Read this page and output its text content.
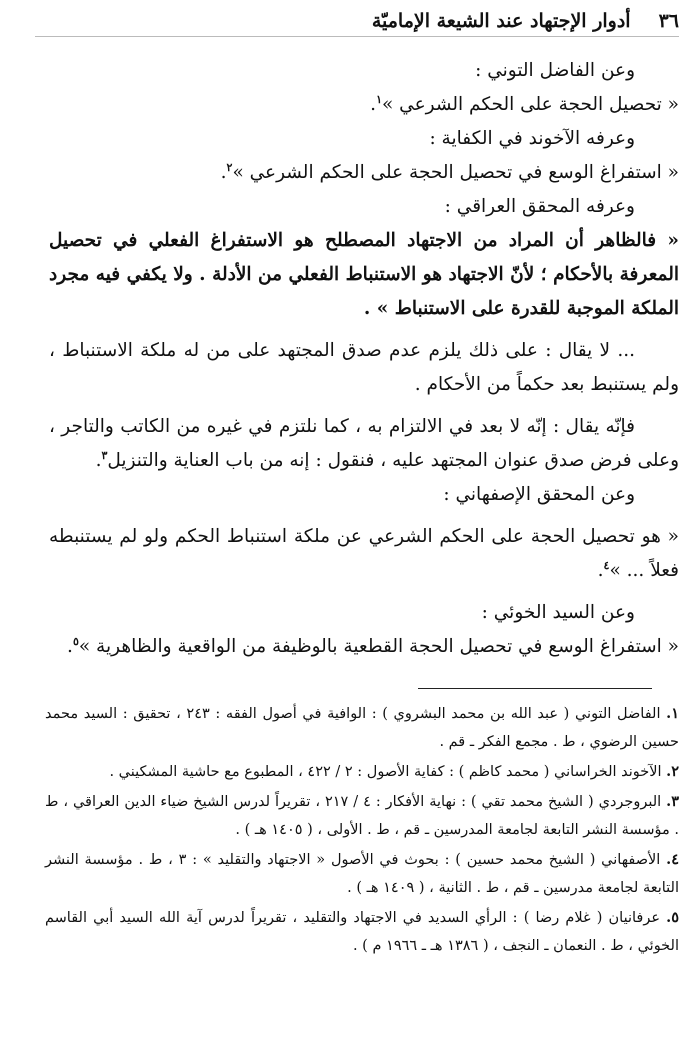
٣٦
أدوار الإجتهاد عند الشيعة الإماميّة

وعن الفاضل التوني :

« تحصيل الحجة على الحكم الشرعي »$^١$.

وعرفه الآخوند في الكفاية :

« استفراغ الوسع في تحصيل الحجة على الحكم الشرعي »$^٢$.

وعرفه المحقق العراقي :

« فالظاهر أن المراد من الاجتهاد المصطلح هو الاستفراغ الفعلي في تحصيل المعرفة بالأحكام ؛ لأنّ الاجتهاد هو الاستنباط الفعلي من الأدلة . ولا يكفي فيه مجرد الملكة الموجبة للقدرة على الاستنباط » .

... لا يقال : على ذلك يلزم عدم صدق المجتهد على من له ملكة الاستنباط ، ولم يستنبط بعد حكماً من الأحكام .

فإنّه يقال : إنّه لا بعد في الالتزام به ، كما نلتزم في غيره من الكاتب والتاجر ، وعلى فرض صدق عنوان المجتهد عليه ، فنقول : إنه من باب العناية والتنزيل$^٣$.

وعن المحقق الإصفهاني :

« هو تحصيل الحجة على الحكم الشرعي عن ملكة استنباط الحكم ولو لم يستنبطه فعلاً ... »$^٤$.

وعن السيد الخوئي :

« استفراغ الوسع في تحصيل الحجة القطعية بالوظيفة من الواقعية والظاهرية »$^٥$.

١. الفاضل التوني ( عبد الله بن محمد البشروي ) : الوافية في أصول الفقه : ٢٤٣ ، تحقيق : السيد محمد حسين الرضوي ، ط . مجمع الفكر ـ قم .

٢. الآخوند الخراساني ( محمد كاظم ) : كفاية الأصول : ٢ / ٤٢٢ ، المطبوع مع حاشية المشكيني .

٣. البروجردي ( الشيخ محمد تقي ) : نهاية الأفكار : ٤ / ٢١٧ ، تقريراً لدرس الشيخ ضياء الدين العراقي ، ط . مؤسسة النشر التابعة لجامعة المدرسين ـ قم ، ط . الأولى ، ( ١٤٠٥ هـ ) .

٤. الأصفهاني ( الشيخ محمد حسين ) : بحوث في الأصول « الاجتهاد والتقليد » : ٣ ، ط . مؤسسة النشر التابعة لجامعة مدرسين ـ قم ، ط . الثانية ، ( ١٤٠٩ هـ ) .

٥. عرفانيان ( غلام رضا ) : الرأي السديد في الاجتهاد والتقليد ، تقريراً لدرس آية الله السيد أبي القاسم الخوئي ، ط . النعمان ـ النجف ، ( ١٣٨٦ هـ ـ ١٩٦٦ م ) .
